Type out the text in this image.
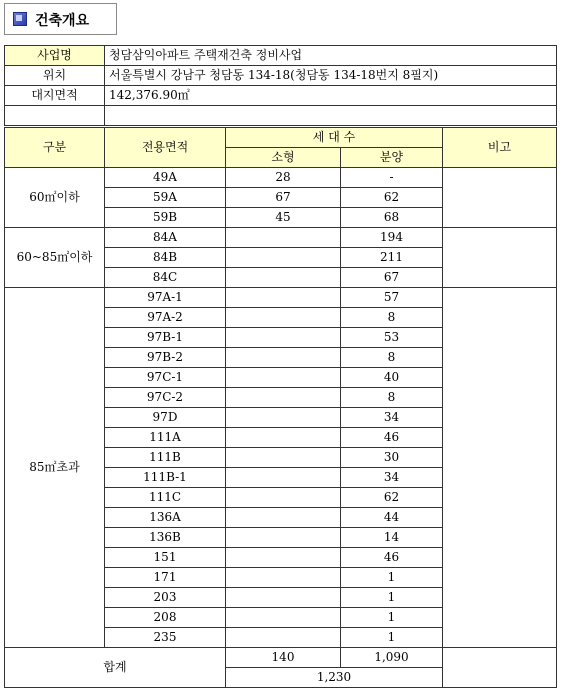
건축개요
사업명	청담삼익아파트 주택재건축 정비사업
위치	서울특별시 강남구 청담동 134-18(청담동 134-18번지 8필지)
대지면적	142,376.90㎡

구분	전용면적	세 대 수		비고
		소형	분양	
60㎡이하	49A	28	-	
	59A	67	62	
	59B	45	68	
60~85㎡이하	84A		194	
	84B		211	
	84C		67	
85㎡초과	97A-1		57	
	97A-2		8	
	97B-1		53	
	97B-2		8	
	97C-1		40	
	97C-2		8	
	97D		34	
	111A		46	
	111B		30	
	111B-1		34	
	111C		62	
	136A		44	
	136B		14	
	151		46	
	171		1	
	203		1	
	208		1	
	235		1	
합계		140	1,090	
		1,230		
